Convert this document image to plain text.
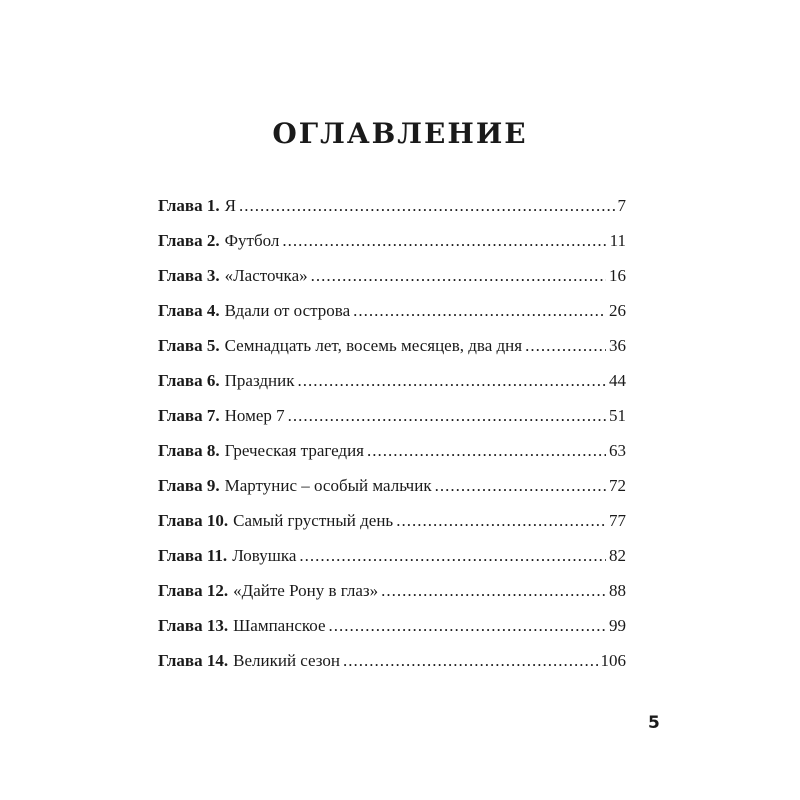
ОГЛАВЛЕНИЕ
Глава 1. Я .....	7
Глава 2. Футбол .....	11
Глава 3. «Ласточка» .....	16
Глава 4. Вдали от острова .....	26
Глава 5. Семнадцать лет, восемь месяцев, два дня .....	36
Глава 6. Праздник .....	44
Глава 7. Номер 7 .....	51
Глава 8. Греческая трагедия .....	63
Глава 9. Мартунис – особый мальчик .....	72
Глава 10. Самый грустный день .....	77
Глава 11. Ловушка .....	82
Глава 12. «Дайте Рону в глаз» .....	88
Глава 13. Шампанское .....	99
Глава 14. Великий сезон .....	106

5
